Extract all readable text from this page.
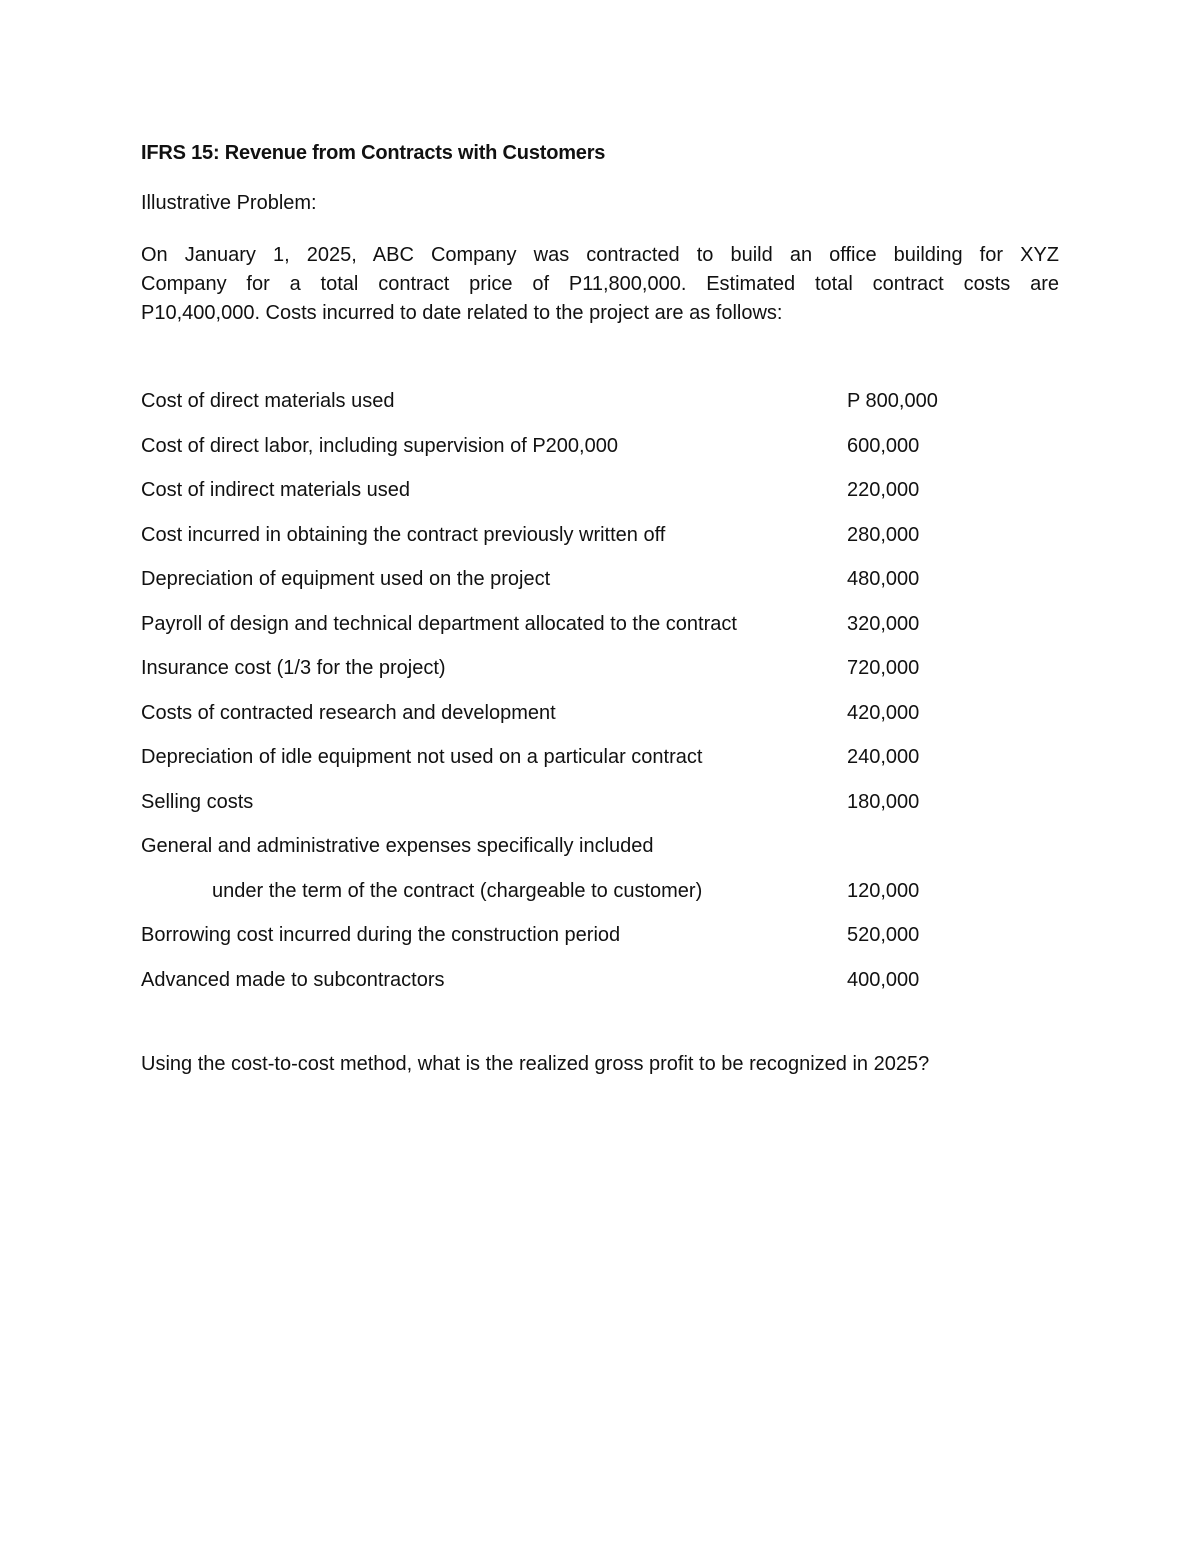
IFRS 15: Revenue from Contracts with Customers
Illustrative Problem:
On January 1, 2025, ABC Company was contracted to build an office building for XYZ
Company for a total contract price of P11,800,000. Estimated total contract costs are
P10,400,000. Costs incurred to date related to the project are as follows:
Cost of direct materials used	P 800,000
Cost of direct labor, including supervision of P200,000	600,000
Cost of indirect materials used	220,000
Cost incurred in obtaining the contract previously written off	280,000
Depreciation of equipment used on the project	480,000
Payroll of design and technical department allocated to the contract	320,000
Insurance cost (1/3 for the project)	720,000
Costs of contracted research and development	420,000
Depreciation of idle equipment not used on a particular contract	240,000
Selling costs	180,000
General and administrative expenses specifically included
under the term of the contract (chargeable to customer)	120,000
Borrowing cost incurred during the construction period	520,000
Advanced made to subcontractors	400,000
Using the cost-to-cost method, what is the realized gross profit to be recognized in 2025?
